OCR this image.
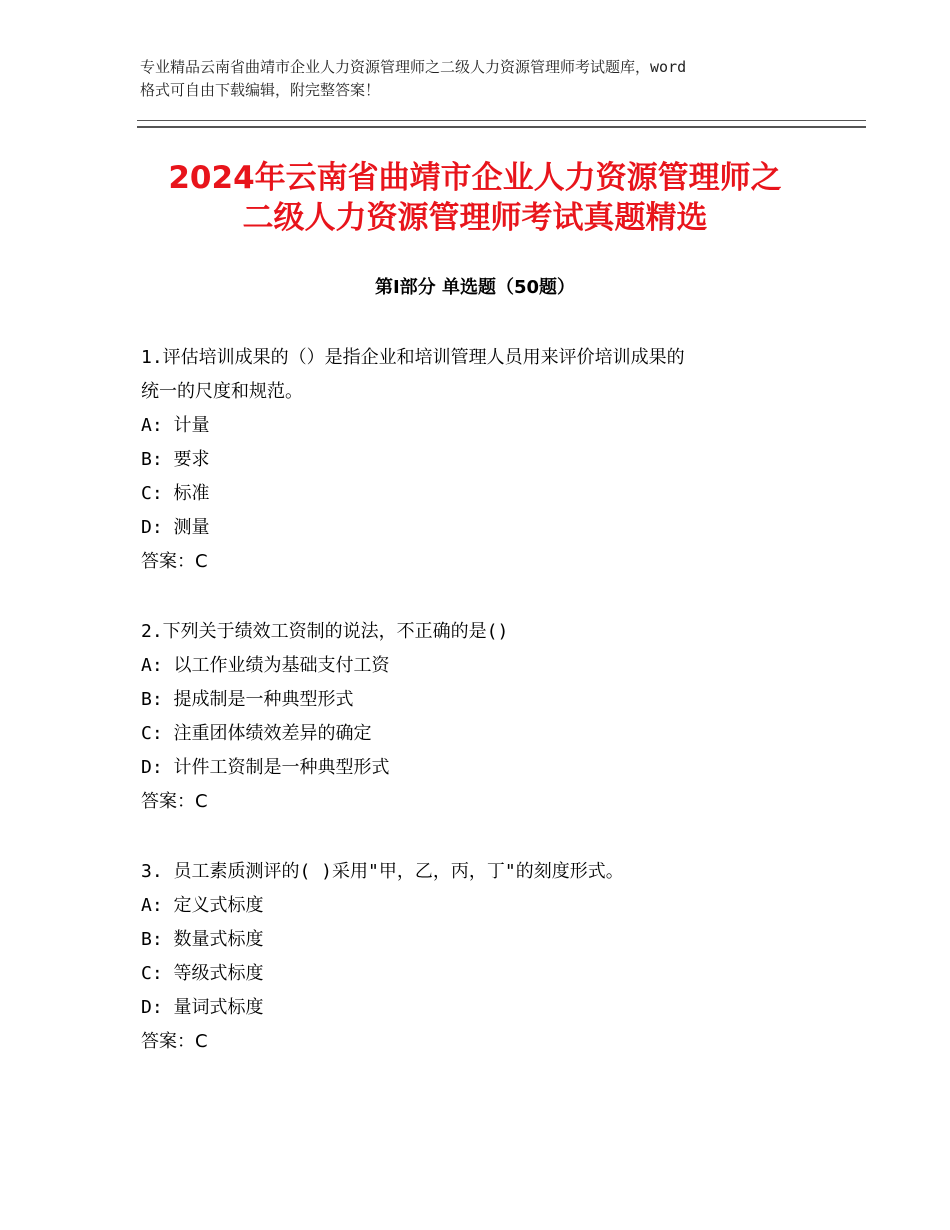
专业精品云南省曲靖市企业人力资源管理师之二级人力资源管理师考试题库，word
格式可自由下载编辑，附完整答案！
2024年云南省曲靖市企业人力资源管理师之
二级人力资源管理师考试真题精选
第Ⅰ部分 单选题（50题）
1.评估培训成果的（）是指企业和培训管理人员用来评价培训成果的
统一的尺度和规范。
A: 计量
B: 要求
C: 标准
D: 测量
答案：C
2.下列关于绩效工资制的说法，不正确的是()
A: 以工作业绩为基础支付工资
B: 提成制是一种典型形式
C: 注重团体绩效差异的确定
D: 计件工资制是一种典型形式
答案：C
3. 员工素质测评的( )采用"甲，乙，丙，丁"的刻度形式。
A: 定义式标度
B: 数量式标度
C: 等级式标度
D: 量词式标度
答案：C
